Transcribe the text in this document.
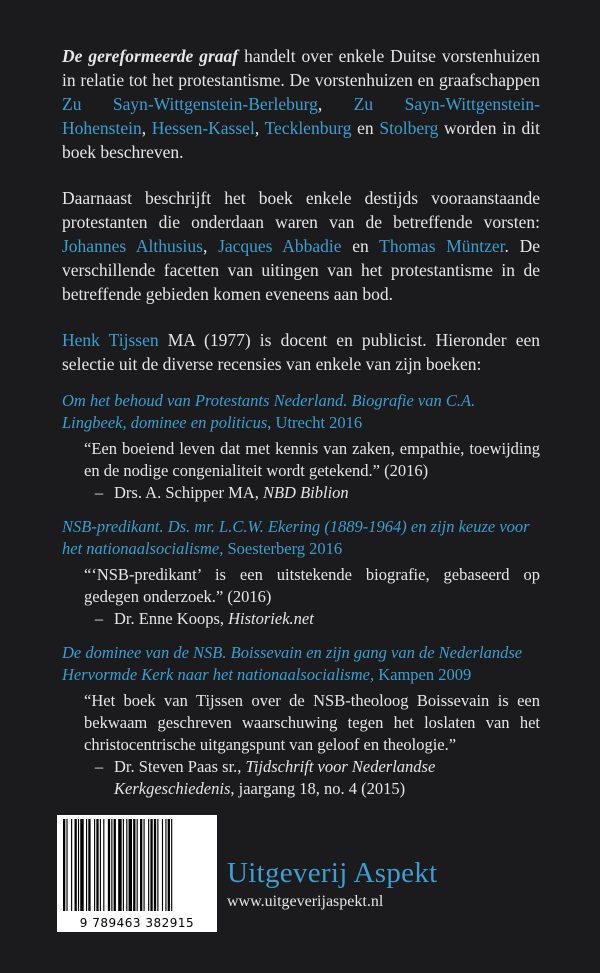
De gereformeerde graaf handelt over enkele Duitse vorstenhuizen in relatie tot het protestantisme. De vorstenhuizen en graafschappen Zu Sayn-Wittgenstein-Berleburg, Zu Sayn-Wittgenstein-Hohenstein, Hessen-Kassel, Tecklenburg en Stolberg worden in dit boek beschreven.

Daarnaast beschrijft het boek enkele destijds vooraanstaande protestanten die onderdaan waren van de betreffende vorsten: Johannes Althusius, Jacques Abbadie en Thomas Müntzer. De verschillende facetten van uitingen van het protestantisme in de betreffende gebieden komen eveneens aan bod.

Henk Tijssen MA (1977) is docent en publicist. Hieronder een selectie uit de diverse recensies van enkele van zijn boeken:

Om het behoud van Protestants Nederland. Biografie van C.A. Lingbeek, dominee en politicus, Utrecht 2016
“Een boeiend leven dat met kennis van zaken, empathie, toewijding en de nodige congenialiteit wordt getekend.” (2016)
– Drs. A. Schipper MA, NBD Biblion
NSB-predikant. Ds. mr. L.C.W. Ekering (1889-1964) en zijn keuze voor het nationaalsocialisme, Soesterberg 2016
“‘NSB-predikant’ is een uitstekende biografie, gebaseerd op gedegen onderzoek.” (2016)
– Dr. Enne Koops, Historiek.net
De dominee van de NSB. Boissevain en zijn gang van de Nederlandse Hervormde Kerk naar het nationaalsocialisme, Kampen 2009
“Het boek van Tijssen over de NSB-theoloog Boissevain is een bekwaam geschreven waarschuwing tegen het loslaten van het christocentrische uitgangspunt van geloof en theologie.”
– Dr. Steven Paas sr., Tijdschrift voor Nederlandse Kerkgeschiedenis, jaargang 18, no. 4 (2015)
9 789463 382915
Uitgeverij Aspekt
www.uitgeverijaspekt.nl
